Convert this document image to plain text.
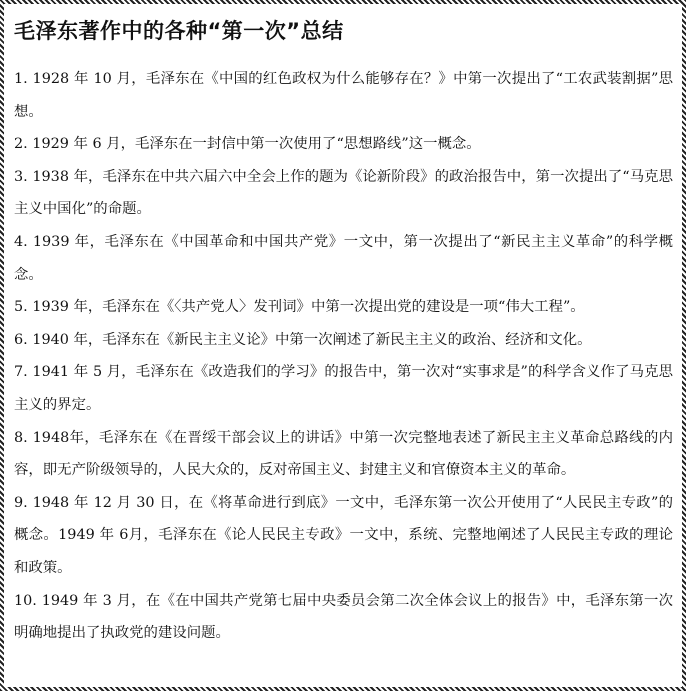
毛泽东著作中的各种“第一次”总结
1. 1928 年 10 月，毛泽东在《中国的红色政权为什么能够存在？》中第一次提出了“工农武装割据”思想。
2. 1929 年 6 月，毛泽东在一封信中第一次使用了“思想路线”这一概念。
3. 1938 年，毛泽东在中共六届六中全会上作的题为《论新阶段》的政治报告中，第一次提出了“马克思主义中国化”的命题。
4. 1939 年，毛泽东在《中国革命和中国共产党》一文中，第一次提出了“新民主主义革命”的科学概念。
5. 1939 年，毛泽东在《〈共产党人〉发刊词》中第一次提出党的建设是一项“伟大工程”。
6. 1940 年，毛泽东在《新民主主义论》中第一次阐述了新民主主义的政治、经济和文化。
7. 1941 年 5 月，毛泽东在《改造我们的学习》的报告中，第一次对“实事求是”的科学含义作了马克思主义的界定。
8. 1948年，毛泽东在《在晋绥干部会议上的讲话》中第一次完整地表述了新民主主义革命总路线的内容，即无产阶级领导的，人民大众的，反对帝国主义、封建主义和官僚资本主义的革命。
9. 1948 年 12 月 30 日，在《将革命进行到底》一文中，毛泽东第一次公开使用了“人民民主专政”的概念。1949 年 6月，毛泽东在《论人民民主专政》一文中，系统、完整地阐述了人民民主专政的理论和政策。
10. 1949 年 3 月，在《在中国共产党第七届中央委员会第二次全体会议上的报告》中，毛泽东第一次明确地提出了执政党的建设问题。
